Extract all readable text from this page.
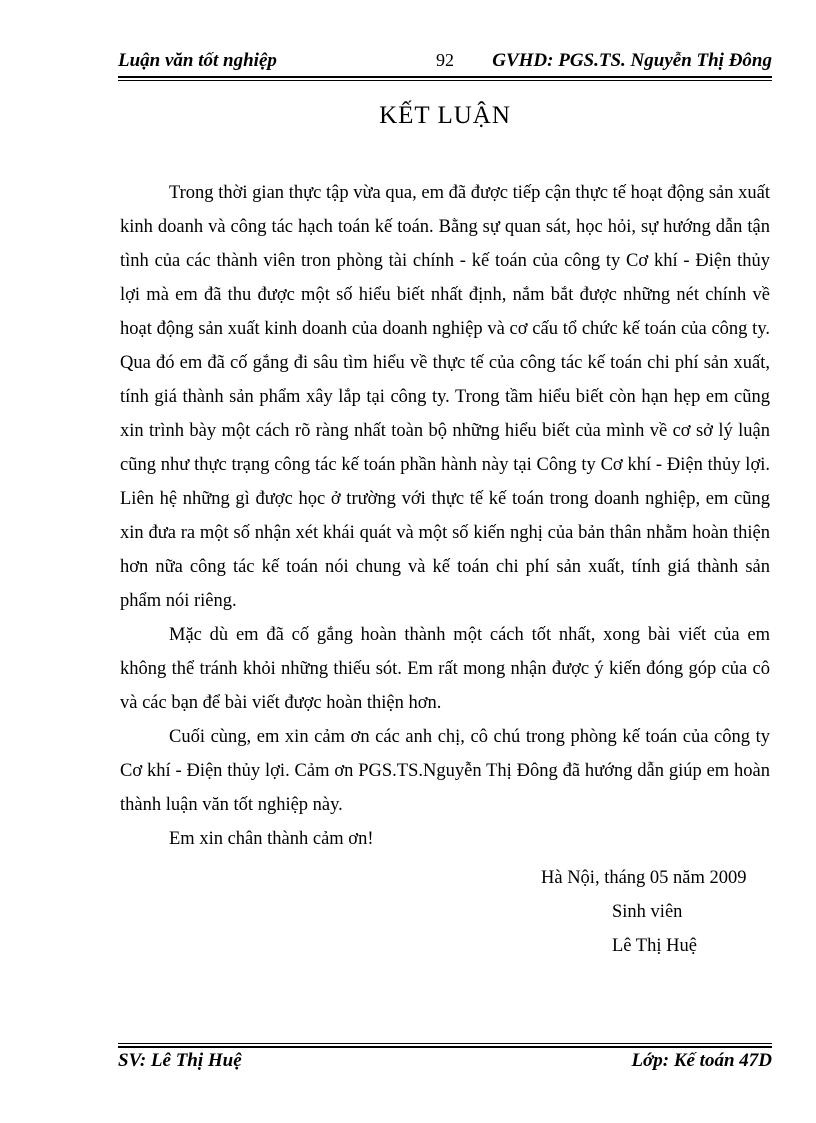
Luận văn tốt nghiệp	92 GVHD: PGS.TS. Nguyễn Thị Đông
KẾT LUẬN

Trong thời gian thực tập vừa qua, em đã được tiếp cận thực tế hoạt động sản xuất kinh doanh và công tác hạch toán kế toán. Bằng sự quan sát, học hỏi, sự hướng dẫn tận tình của các thành viên tron phòng tài chính - kế toán của công ty Cơ khí - Điện thủy lợi mà em đã thu được một số hiểu biết nhất định, nắm bắt được những nét chính về hoạt động sản xuất kinh doanh của doanh nghiệp và cơ cấu tổ chức kế toán của công ty. Qua đó em đã cố gắng đi sâu tìm hiểu về thực tế của công tác kế toán chi phí sản xuất, tính giá thành sản phẩm xây lắp tại công ty. Trong tầm hiểu biết còn hạn hẹp em cũng xin trình bày một cách rõ ràng nhất toàn bộ những hiểu biết của mình về cơ sở lý luận cũng như thực trạng công tác kế toán phần hành này tại Công ty Cơ khí - Điện thủy lợi. Liên hệ những gì được học ở trường với thực tế kế toán trong doanh nghiệp, em cũng xin đưa ra một số nhận xét khái quát và một số kiến nghị của bản thân nhằm hoàn thiện hơn nữa công tác kế toán nói chung và kế toán chi phí sản xuất, tính giá thành sản phẩm nói riêng.

Mặc dù em đã cố gắng hoàn thành một cách tốt nhất, xong bài viết của em không thể tránh khỏi những thiếu sót. Em rất mong nhận được ý kiến đóng góp của cô và các bạn để bài viết được hoàn thiện hơn.

Cuối cùng, em xin cảm ơn các anh chị, cô chú trong phòng kế toán của công ty Cơ khí - Điện thủy lợi. Cảm ơn PGS.TS.Nguyễn Thị Đông đã hướng dẫn giúp em hoàn thành luận văn tốt nghiệp này.

Em xin chân thành cảm ơn!

Hà Nội, tháng 05 năm 2009
Sinh viên
Lê Thị Huệ
SV: Lê Thị Huệ	Lớp: Kế toán 47D
